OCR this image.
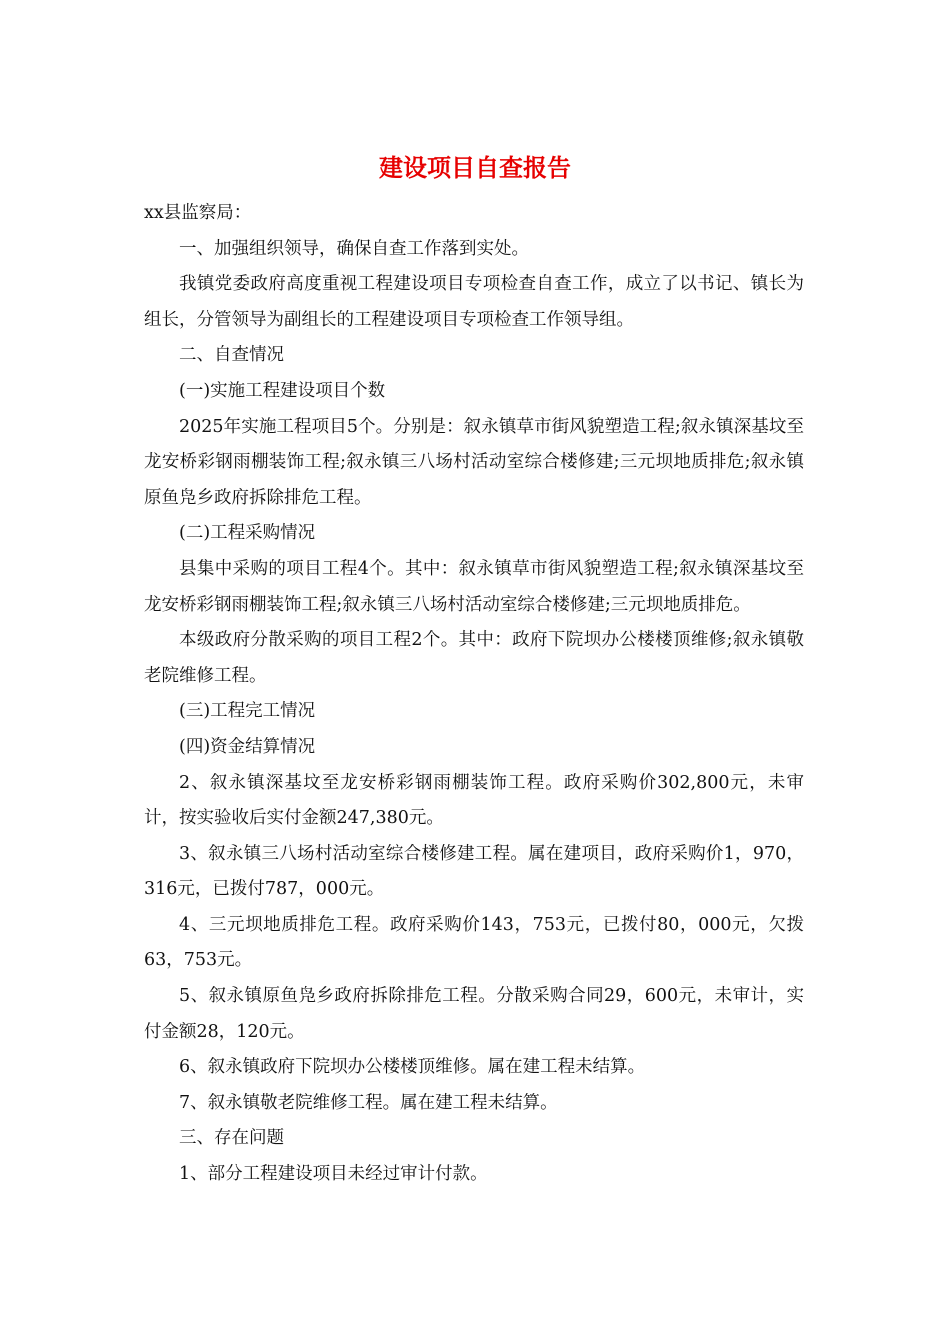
建设项目自查报告

xx县监察局：

一、加强组织领导，确保自查工作落到实处。

我镇党委政府高度重视工程建设项目专项检查自查工作，成立了以书记、镇长为组长，分管领导为副组长的工程建设项目专项检查工作领导组。

二、自查情况

(一)实施工程建设项目个数

2025年实施工程项目5个。分别是：叙永镇草市街风貌塑造工程;叙永镇深基坟至龙安桥彩钢雨棚装饰工程;叙永镇三八场村活动室综合楼修建;三元坝地质排危;叙永镇原鱼凫乡政府拆除排危工程。

(二)工程采购情况

县集中采购的项目工程4个。其中：叙永镇草市街风貌塑造工程;叙永镇深基坟至龙安桥彩钢雨棚装饰工程;叙永镇三八场村活动室综合楼修建;三元坝地质排危。

本级政府分散采购的项目工程2个。其中：政府下院坝办公楼楼顶维修;叙永镇敬老院维修工程。

(三)工程完工情况

(四)资金结算情况

2、叙永镇深基坟至龙安桥彩钢雨棚装饰工程。政府采购价302,800元，未审计，按实验收后实付金额247,380元。

3、叙永镇三八场村活动室综合楼修建工程。属在建项目，政府采购价1，970，316元，已拨付787，000元。

4、三元坝地质排危工程。政府采购价143，753元，已拨付80，000元，欠拨63，753元。

5、叙永镇原鱼凫乡政府拆除排危工程。分散采购合同29，600元，未审计，实付金额28，120元。

6、叙永镇政府下院坝办公楼楼顶维修。属在建工程未结算。

7、叙永镇敬老院维修工程。属在建工程未结算。

三、存在问题

1、部分工程建设项目未经过审计付款。
